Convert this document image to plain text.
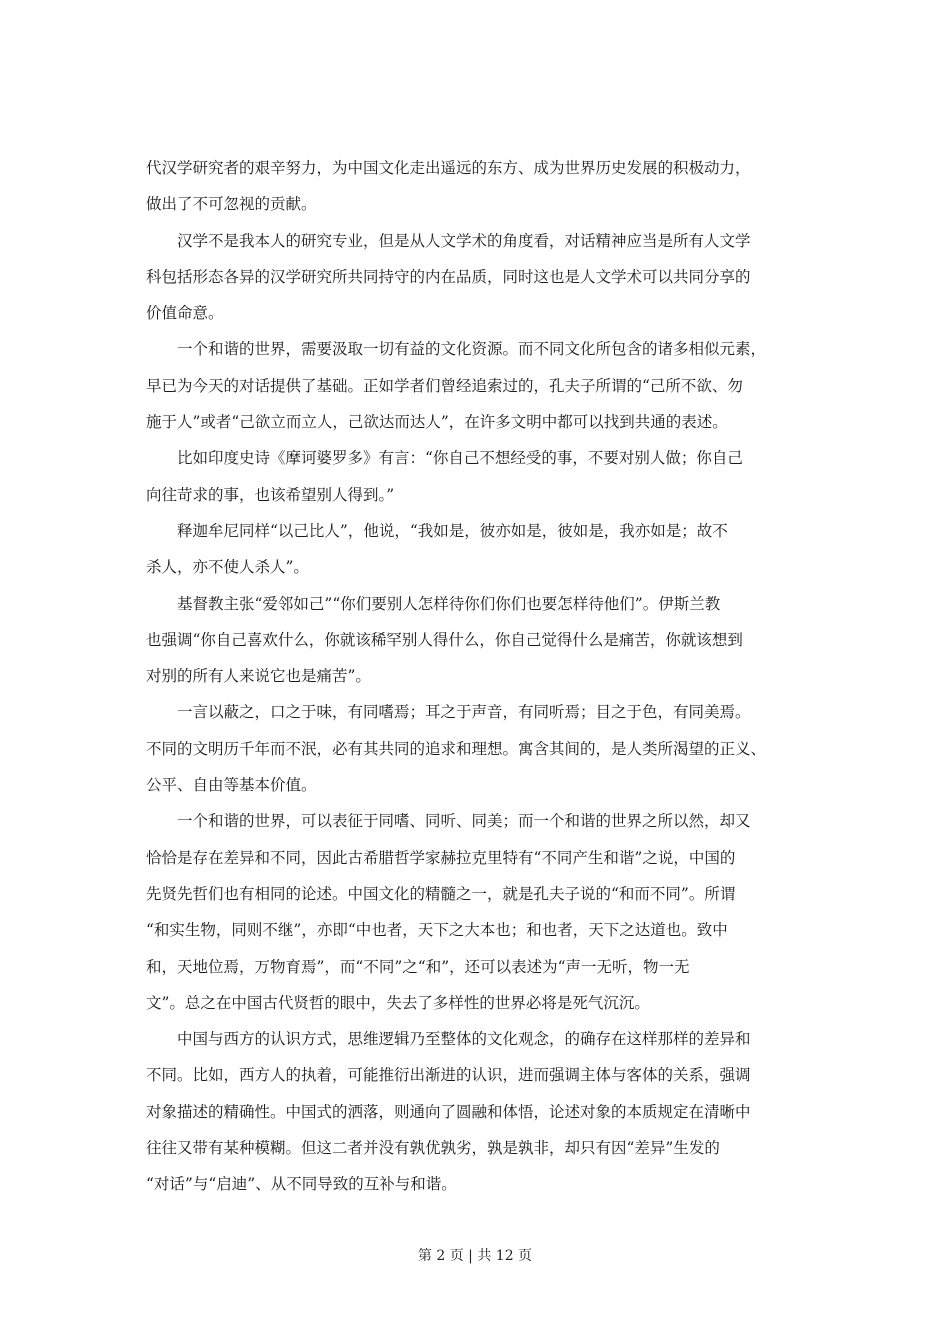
代汉学研究者的艰辛努力，为中国文化走出遥远的东方、成为世界历史发展的积极动力，
做出了不可忽视的贡献。
汉学不是我本人的研究专业，但是从人文学术的角度看，对话精神应当是所有人文学
科包括形态各异的汉学研究所共同持守的内在品质，同时这也是人文学术可以共同分享的
价值命意。
一个和谐的世界，需要汲取一切有益的文化资源。而不同文化所包含的诸多相似元素，
早已为今天的对话提供了基础。正如学者们曾经追索过的，孔夫子所谓的“己所不欲、勿
施于人”或者“己欲立而立人，己欲达而达人”，在许多文明中都可以找到共通的表述。
比如印度史诗《摩诃婆罗多》有言：“你自己不想经受的事，不要对别人做；你自己
向往苛求的事，也该希望别人得到。”
释迦牟尼同样“以己比人”，他说，“我如是，彼亦如是，彼如是，我亦如是；故不
杀人，亦不使人杀人”。
基督教主张“爱邻如己”“你们要别人怎样待你们你们也要怎样待他们”。伊斯兰教
也强调“你自己喜欢什么，你就该稀罕别人得什么，你自己觉得什么是痛苦，你就该想到
对别的所有人来说它也是痛苦”。
一言以蔽之，口之于味，有同嗜焉；耳之于声音，有同听焉；目之于色，有同美焉。
不同的文明历千年而不泯，必有其共同的追求和理想。寓含其间的，是人类所渴望的正义、
公平、自由等基本价值。
一个和谐的世界，可以表征于同嗜、同听、同美；而一个和谐的世界之所以然，却又
恰恰是存在差异和不同，因此古希腊哲学家赫拉克里特有“不同产生和谐”之说，中国的
先贤先哲们也有相同的论述。中国文化的精髓之一，就是孔夫子说的“和而不同”。所谓
“和实生物，同则不继”，亦即“中也者，天下之大本也；和也者，天下之达道也。致中
和，天地位焉，万物育焉”，而“不同”之“和”，还可以表述为“声一无听，物一无
文”。总之在中国古代贤哲的眼中，失去了多样性的世界必将是死气沉沉。
中国与西方的认识方式，思维逻辑乃至整体的文化观念，的确存在这样那样的差异和
不同。比如，西方人的执着，可能推衍出渐进的认识，进而强调主体与客体的关系，强调
对象描述的精确性。中国式的洒落，则通向了圆融和体悟，论述对象的本质规定在清晰中
往往又带有某种模糊。但这二者并没有孰优孰劣，孰是孰非，却只有因“差异”生发的
“对话”与“启迪”、从不同导致的互补与和谐。
第 2 页 | 共 12 页
